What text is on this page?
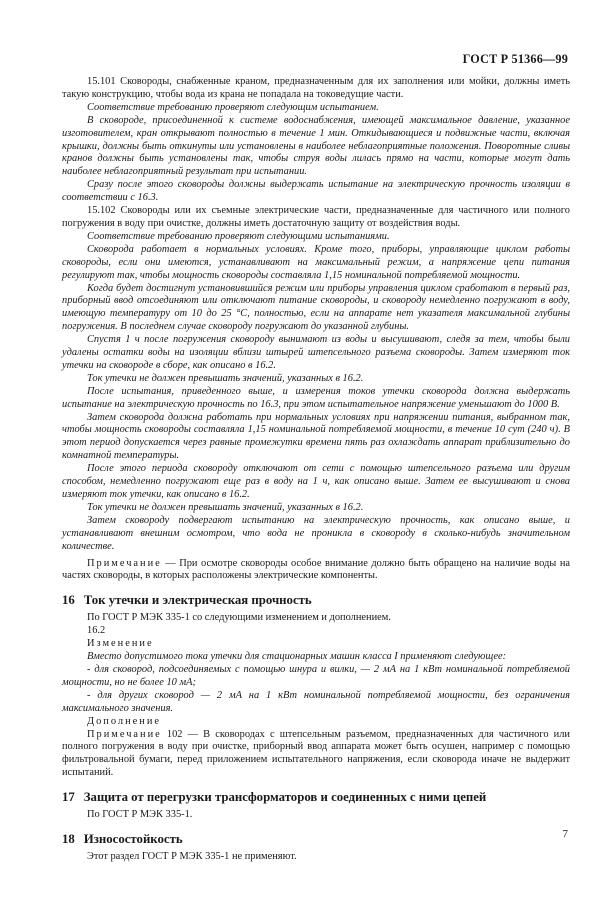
ГОСТ Р 51366—99

15.101 Сковороды, снабженные краном, предназначенным для их заполнения или мойки, должны иметь такую конструкцию, чтобы вода из крана не попадала на токоведущие части.

Соответствие требованию проверяют следующим испытанием.

В сковороде, присоединенной к системе водоснабжения, имеющей максимальное давление, указанное изготовителем, кран открывают полностью в течение 1 мин. Откидывающиеся и подвижные части, включая крышки, должны быть откинуты или установлены в наиболее неблагоприятные положения. Поворотные сливы кранов должны быть установлены так, чтобы струя воды лилась прямо на части, которые могут дать наиболее неблагоприятный результат при испытании.

Сразу после этого сковороды должны выдержать испытание на электрическую прочность изоляции в соответствии с 16.3.

15.102 Сковороды или их съемные электрические части, предназначенные для частичного или полного погружения в воду при очистке, должны иметь достаточную защиту от воздействия воды.

Соответствие требованию проверяют следующими испытаниями.

Сковорода работает в нормальных условиях. Кроме того, приборы, управляющие циклом работы сковороды, если они имеются, устанавливают на максимальный режим, а напряжение цепи питания регулируют так, чтобы мощность сковороды составляла 1,15 номинальной потребляемой мощности.

Когда будет достигнут установившийся режим или приборы управления циклом сработают в первый раз, приборный ввод отсоединяют или отключают питание сковороды, и сковороду немедленно погружают в воду, имеющую температуру от 10 до 25 °С, полностью, если на аппарате нет указателя максимальной глубины погружения. В последнем случае сковороду погружают до указанной глубины.

Спустя 1 ч после погружения сковороду вынимают из воды и высушивают, следя за тем, чтобы были удалены остатки воды на изоляции вблизи штырей штепсельного разъема сковороды. Затем измеряют ток утечки на сковороде в сборе, как описано в 16.2.

Ток утечки не должен превышать значений, указанных в 16.2.

После испытания, приведенного выше, и измерения токов утечки сковорода должна выдержать испытание на электрическую прочность по 16.3, при этом испытательное напряжение уменьшают до 1000 В.

Затем сковорода должна работать при нормальных условиях при напряжении питания, выбранном так, чтобы мощность сковороды составляла 1,15 номинальной потребляемой мощности, в течение 10 сут (240 ч). В этот период допускается через равные промежутки времени пять раз охлаждать аппарат приблизительно до комнатной температуры.

После этого периода сковороду отключают от сети с помощью штепсельного разъема или другим способом, немедленно погружают еще раз в воду на 1 ч, как описано выше. Затем ее высушивают и снова измеряют ток утечки, как описано в 16.2.

Ток утечки не должен превышать значений, указанных в 16.2.

Затем сковороду подвергают испытанию на электрическую прочность, как описано выше, и устанавливают внешним осмотром, что вода не проникла в сковороду в сколько-нибудь значительном количестве.

Примечание — При осмотре сковороды особое внимание должно быть обращено на наличие воды на частях сковороды, в которых расположены электрические компоненты.

16 Ток утечки и электрическая прочность

По ГОСТ Р МЭК 335-1 со следующими изменением и дополнением.

16.2

Изменение

Вместо допустимого тока утечки для стационарных машин класса I применяют следующее:

- для сковород, подсоединяемых с помощью шнура и вилки, — 2 мА на 1 кВт номинальной потребляемой мощности, но не более 10 мА;

- для других сковород — 2 мА на 1 кВт номинальной потребляемой мощности, без ограничения максимального значения.

Дополнение

Примечание 102 — В сковородах с штепсельным разъемом, предназначенных для частичного или полного погружения в воду при очистке, приборный ввод аппарата может быть осушен, например с помощью фильтровальной бумаги, перед приложением испытательного напряжения, если сковорода иначе не выдержит испытаний.

17 Защита от перегрузки трансформаторов и соединенных с ними цепей

По ГОСТ Р МЭК 335-1.

18 Износостойкость

Этот раздел ГОСТ Р МЭК 335-1 не применяют.

7
